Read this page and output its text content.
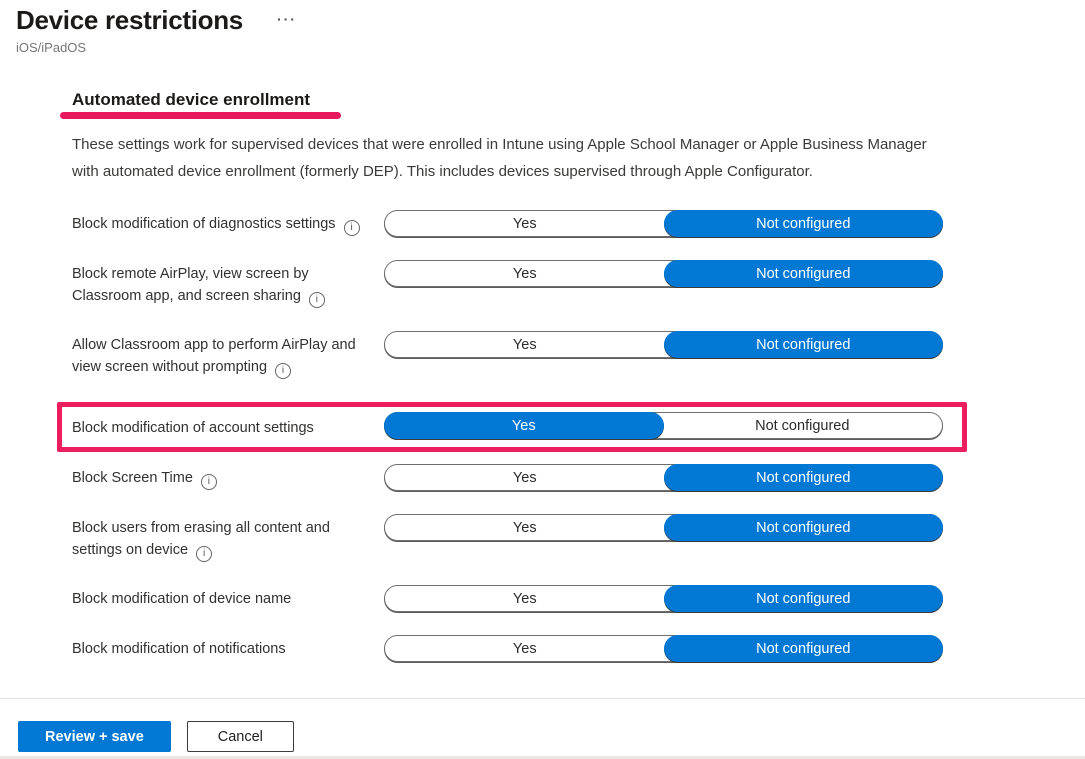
Device restrictions ···
iOS/iPadOS
Automated device enrollment

These settings work for supervised devices that were enrolled in Intune using Apple School Manager or Apple Business Manager with automated device enrollment (formerly DEP). This includes devices supervised through Apple Configurator.

Block modification of diagnostics settings i	Yes	Not configured
Block remote AirPlay, view screen by Classroom app, and screen sharingi
Yes	Not configured
Allow Classroom app to perform AirPlay and view screen without promptingi
Yes	Not configured
Block modification of account settings	Yes	Not configured
Block Screen Time i	Yes	Not configured
Block users from erasing all content and settings on devicei
Yes	Not configured
Block modification of device name	Yes	Not configured
Block modification of notifications	Yes	Not configured
Review + save	Cancel
